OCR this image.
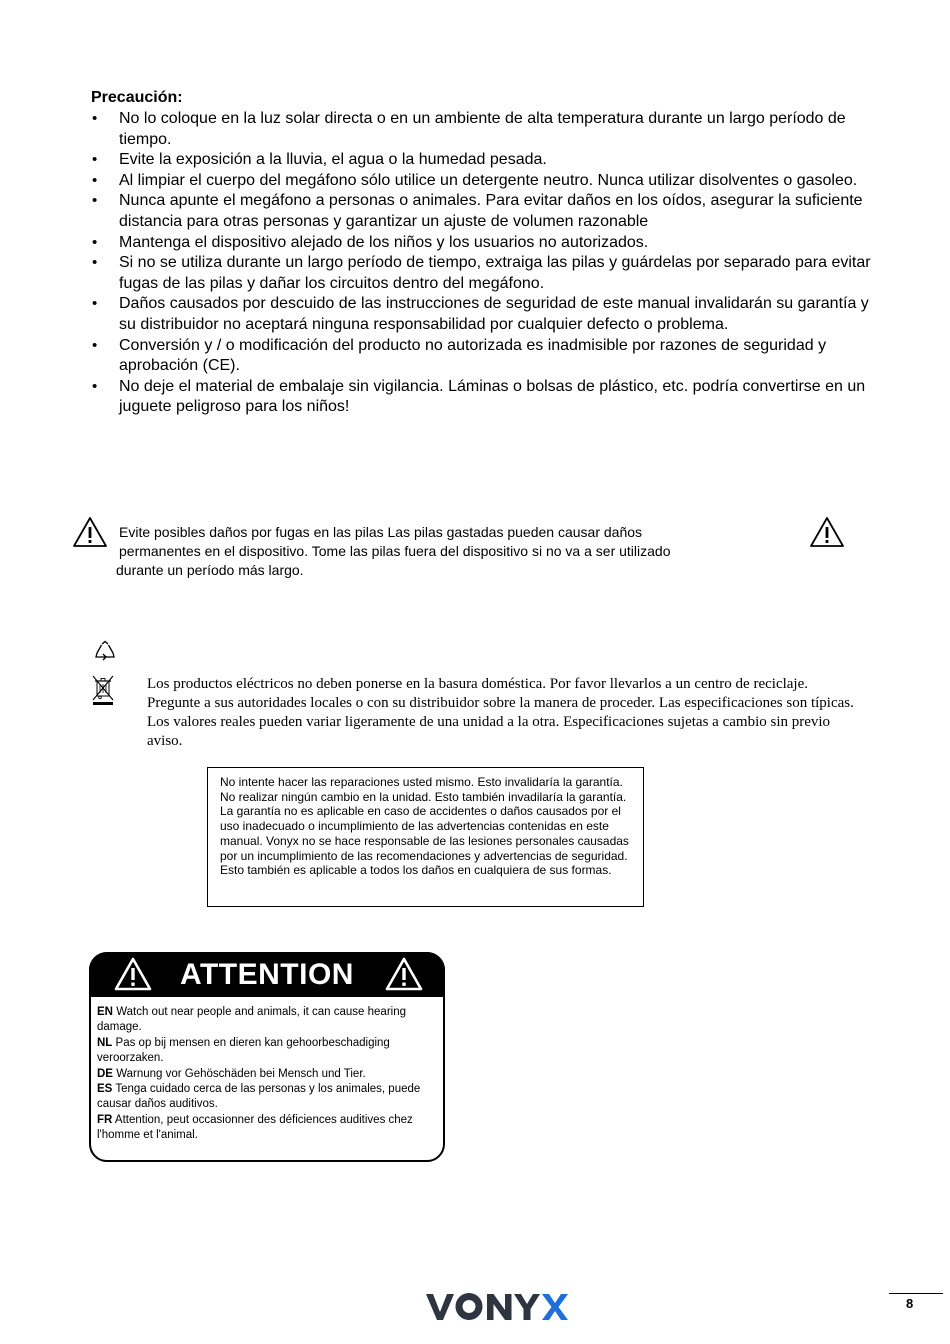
Precaución:
• No lo coloque en la luz solar directa o en un ambiente de alta temperatura durante un largo período de tiempo.
• Evite la exposición a la lluvia, el agua o la humedad pesada.
• Al limpiar el cuerpo del megáfono sólo utilice un detergente neutro. Nunca utilizar disolventes o gasoleo.
• Nunca apunte el megáfono a personas o animales. Para evitar daños en los oídos, asegurar la suficiente distancia para otras personas y garantizar un ajuste de volumen razonable
• Mantenga el dispositivo alejado de los niños y los usuarios no autorizados.
• Si no se utiliza durante un largo período de tiempo, extraiga las pilas y guárdelas por separado para evitar fugas de las pilas y dañar los circuitos dentro del megáfono.
• Daños causados por descuido de las instrucciones de seguridad de este manual invalidarán su garantía y su distribuidor no aceptará ninguna responsabilidad por cualquier defecto o problema.
• Conversión y / o modificación del producto no autorizada es inadmisible por razones de seguridad y aprobación (CE).
• No deje el material de embalaje sin vigilancia. Láminas o bolsas de plástico, etc. podría convertirse en un juguete peligroso para los niños!
Evite posibles daños por fugas en las pilas Las pilas gastadas pueden causar daños
permanentes en el dispositivo. Tome las pilas fuera del dispositivo si no va a ser utilizado
durante un período más largo.
Los productos eléctricos no deben ponerse en la basura doméstica. Por favor llevarlos a un centro de reciclaje. Pregunte a sus autoridades locales o con su distribuidor sobre la manera de proceder. Las especificaciones son típicas. Los valores reales pueden variar ligeramente de una unidad a la otra. Especificaciones sujetas a cambio sin previo aviso.
No intente hacer las reparaciones usted mismo. Esto invalidaría la garantía. No realizar ningún cambio en la unidad. Esto también invadilaría la garantía. La garantía no es aplicable en caso de accidentes o daños causados por el uso inadecuado o incumplimiento de las advertencias contenidas en este manual. Vonyx no se hace responsable de las lesiones personales causadas por un incumplimiento de las recomendaciones y advertencias de seguridad. Esto también es aplicable a todos los daños en cualquiera de sus formas.
ATTENTION

EN Watch out near people and animals, it can cause hearing damage.

NL Pas op bij mensen en dieren kan gehoorbeschadiging veroorzaken.

DE Warnung vor Gehöschäden bei Mensch und Tier.

ES Tenga cuidado cerca de las personas y los animales, puede causar daños auditivos.

FR Attention, peut occasionner des déficiences auditives chez l'homme et l'animal.

8
